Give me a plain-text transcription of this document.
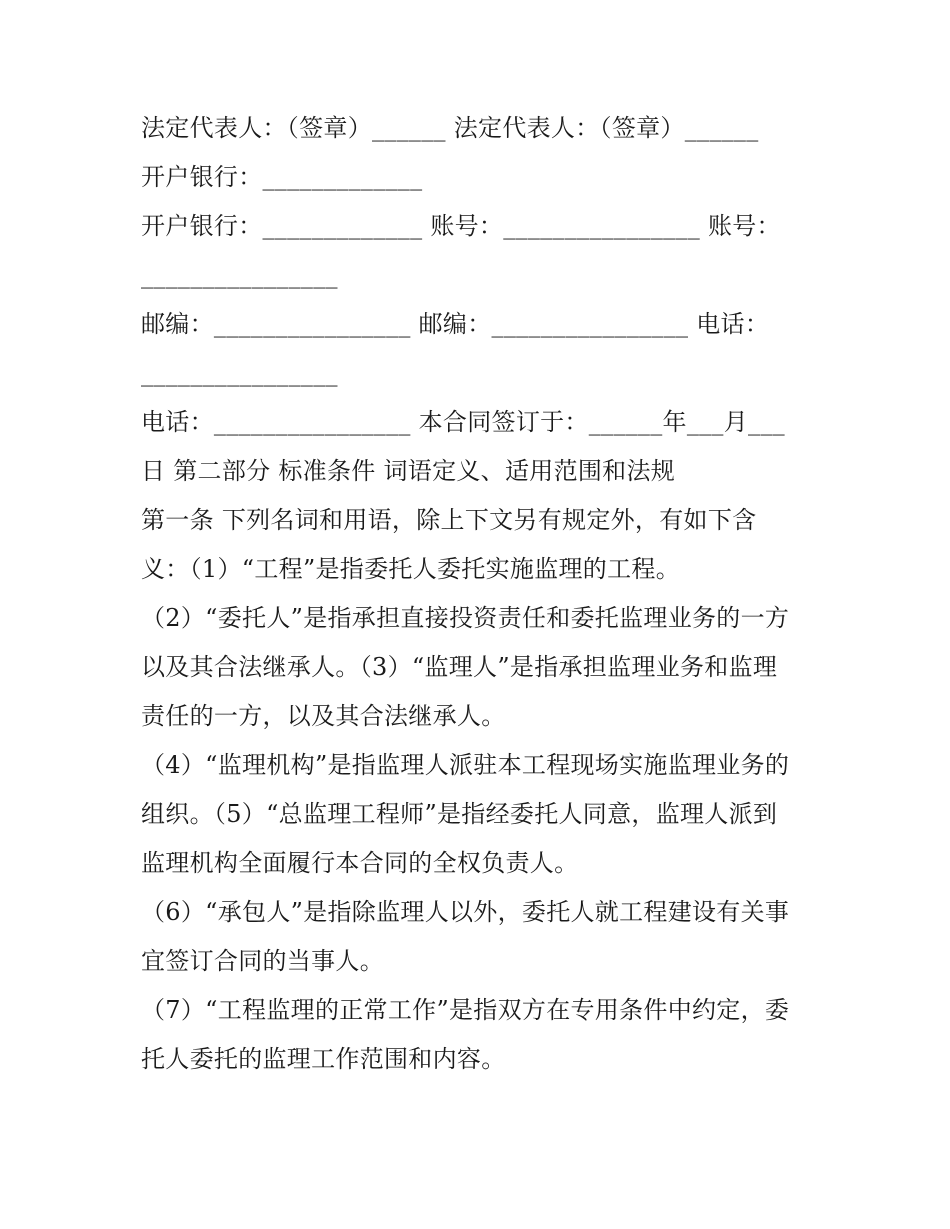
法定代表人：（签章）______ 法定代表人：（签章）______
开户银行：_____________
开户银行：_____________ 账号：________________ 账号：
________________
邮编：________________ 邮编：________________ 电话：
________________
电话：________________ 本合同签订于：______年___月___
日 第二部分 标准条件 词语定义、适用范围和法规
第一条 下列名词和用语，除上下文另有规定外，有如下含
义：（1）“工程”是指委托人委托实施监理的工程。
（2）“委托人”是指承担直接投资责任和委托监理业务的一方
以及其合法继承人。（3）“监理人”是指承担监理业务和监理
责任的一方，以及其合法继承人。
（4）“监理机构”是指监理人派驻本工程现场实施监理业务的
组织。（5）“总监理工程师”是指经委托人同意，监理人派到
监理机构全面履行本合同的全权负责人。
（6）“承包人”是指除监理人以外，委托人就工程建设有关事
宜签订合同的当事人。
（7）“工程监理的正常工作”是指双方在专用条件中约定，委
托人委托的监理工作范围和内容。
